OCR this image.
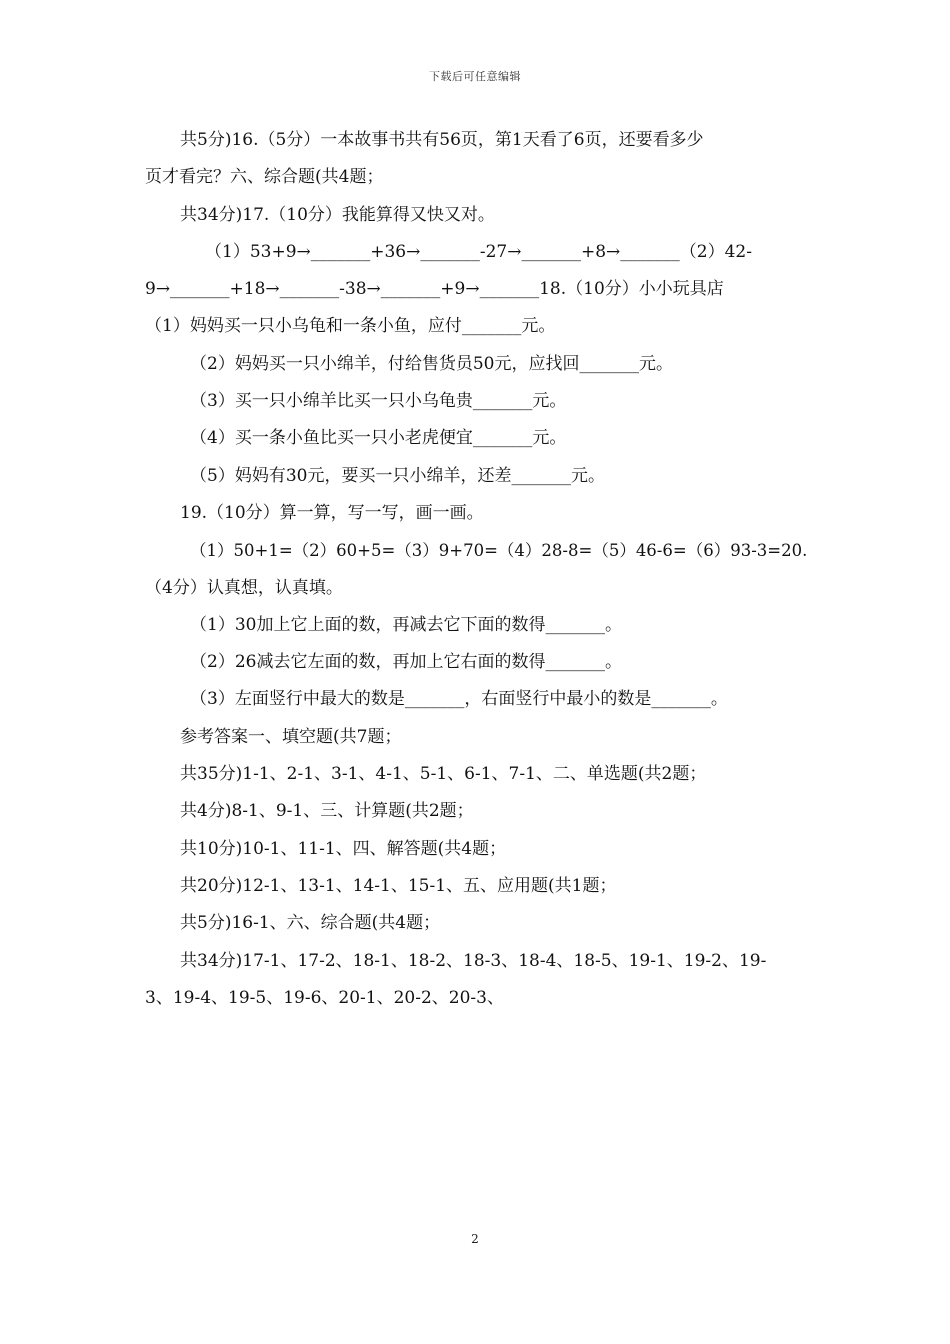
下载后可任意编辑
共5分)16.（5分）一本故事书共有56页，第1天看了6页，还要看多少
页才看完？六、综合题(共4题；
共34分)17.（10分）我能算得又快又对。
（1）53+9→_______+36→_______-27→_______+8→_______（2）42-
9→_______+18→_______-38→_______+9→_______18.（10分）小小玩具店
（1）妈妈买一只小乌龟和一条小鱼，应付_______元。
（2）妈妈买一只小绵羊，付给售货员50元，应找回_______元。
（3）买一只小绵羊比买一只小乌龟贵_______元。
（4）买一条小鱼比买一只小老虎便宜_______元。
（5）妈妈有30元，要买一只小绵羊，还差_______元。
19.（10分）算一算，写一写，画一画。
（1）50+1=（2）60+5=（3）9+70=（4）28-8=（5）46-6=（6）93-3=20.
（4分）认真想，认真填。
（1）30加上它上面的数，再减去它下面的数得_______。
（2）26减去它左面的数，再加上它右面的数得_______。
（3）左面竖行中最大的数是_______，右面竖行中最小的数是_______。
参考答案一、填空题(共7题；
共35分)1-1、2-1、3-1、4-1、5-1、6-1、7-1、二、单选题(共2题；
共4分)8-1、9-1、三、计算题(共2题；
共10分)10-1、11-1、四、解答题(共4题；
共20分)12-1、13-1、14-1、15-1、五、应用题(共1题；
共5分)16-1、六、综合题(共4题；
共34分)17-1、17-2、18-1、18-2、18-3、18-4、18-5、19-1、19-2、19-
3、19-4、19-5、19-6、20-1、20-2、20-3、
2
